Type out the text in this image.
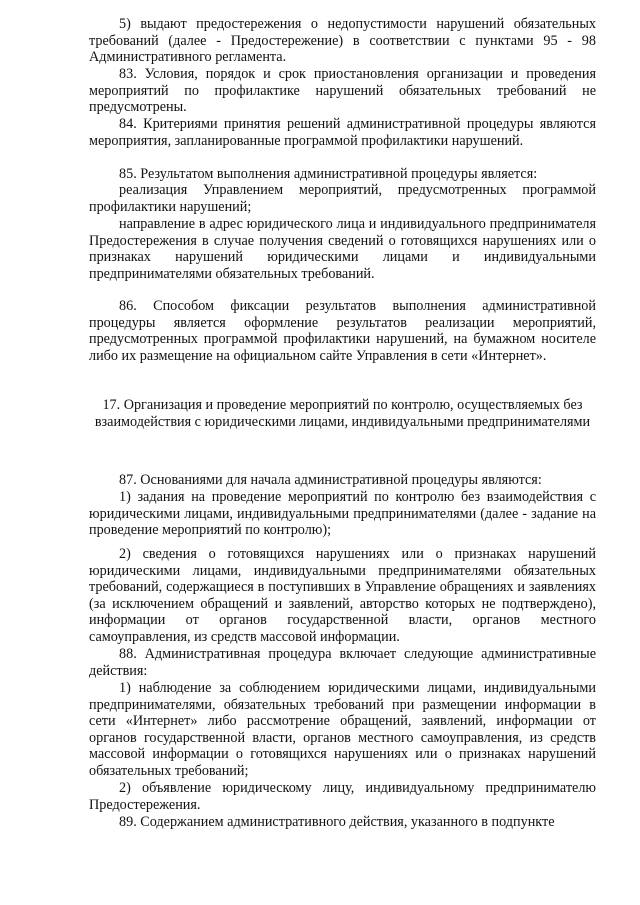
5) выдают предостережения о недопустимости нарушений обязательных требований (далее - Предостережение) в соответствии с пунктами 95 - 98 Административного регламента.

83. Условия, порядок и срок приостановления организации и проведения мероприятий по профилактике нарушений обязательных требований не предусмотрены.

84. Критериями принятия решений административной процедуры являются мероприятия, запланированные программой профилактики нарушений.

85. Результатом выполнения административной процедуры является:

реализация Управлением мероприятий, предусмотренных программой профилактики нарушений;

направление в адрес юридического лица и индивидуального предпринимателя Предостережения в случае получения сведений о готовящихся нарушениях или о признаках нарушений юридическими лицами и индивидуальными предпринимателями обязательных требований.

86. Способом фиксации результатов выполнения административной процедуры является оформление результатов реализации мероприятий, предусмотренных программой профилактики нарушений, на бумажном носителе либо их размещение на официальном сайте Управления в сети «Интернет».

17. Организация и проведение мероприятий по контролю, осуществляемых без взаимодействия с юридическими лицами, индивидуальными предпринимателями

87. Основаниями для начала административной процедуры являются:

1) задания на проведение мероприятий по контролю без взаимодействия с юридическими лицами, индивидуальными предпринимателями (далее - задание на проведение мероприятий по контролю);

2) сведения о готовящихся нарушениях или о признаках нарушений юридическими лицами, индивидуальными предпринимателями обязательных требований, содержащиеся в поступивших в Управление обращениях и заявлениях (за исключением обращений и заявлений, авторство которых не подтверждено), информации от органов государственной власти, органов местного самоуправления, из средств массовой информации.

88. Административная процедура включает следующие административные действия:

1) наблюдение за соблюдением юридическими лицами, индивидуальными предпринимателями, обязательных требований при размещении информации в сети «Интернет» либо рассмотрение обращений, заявлений, информации от органов государственной власти, органов местного самоуправления, из средств массовой информации о готовящихся нарушениях или о признаках нарушений обязательных требований;

2) объявление юридическому лицу, индивидуальному предпринимателю Предостережения.

89. Содержанием административного действия, указанного в подпункте
